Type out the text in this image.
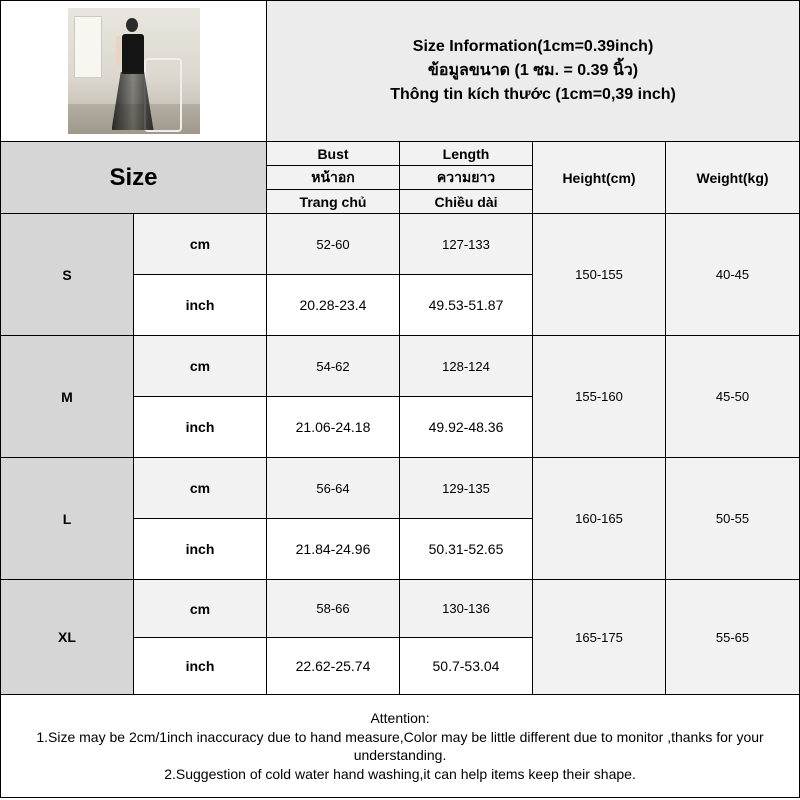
		Size Information(1cm=0.39inch)
ข้อมูลขนาด (1 ซม. = 0.39 นิ้ว)
Thông tin kích thước (1cm=0,39 inch)			

Size		Bust	Length	Height(cm)	Weight(kg)
		หน้าอก	ความยาว		
		Trang chủ	Chiều dài		
S	cm	52-60	127-133	150-155	40-45
	inch	20.28-23.4	49.53-51.87		
M	cm	54-62	128-124	155-160	45-50
	inch	21.06-24.18	49.92-48.36		
L	cm	56-64	129-135	160-165	50-55
	inch	21.84-24.96	50.31-52.65		
XL	cm	58-66	130-136	165-175	55-65
	inch	22.62-25.74	50.7-53.04		

Attention:
1.Size may be 2cm/1inch inaccuracy due to hand measure,Color may be little different due to monitor ,thanks for your understanding.
2.Suggestion of cold water hand washing,it can help items keep their shape.					
